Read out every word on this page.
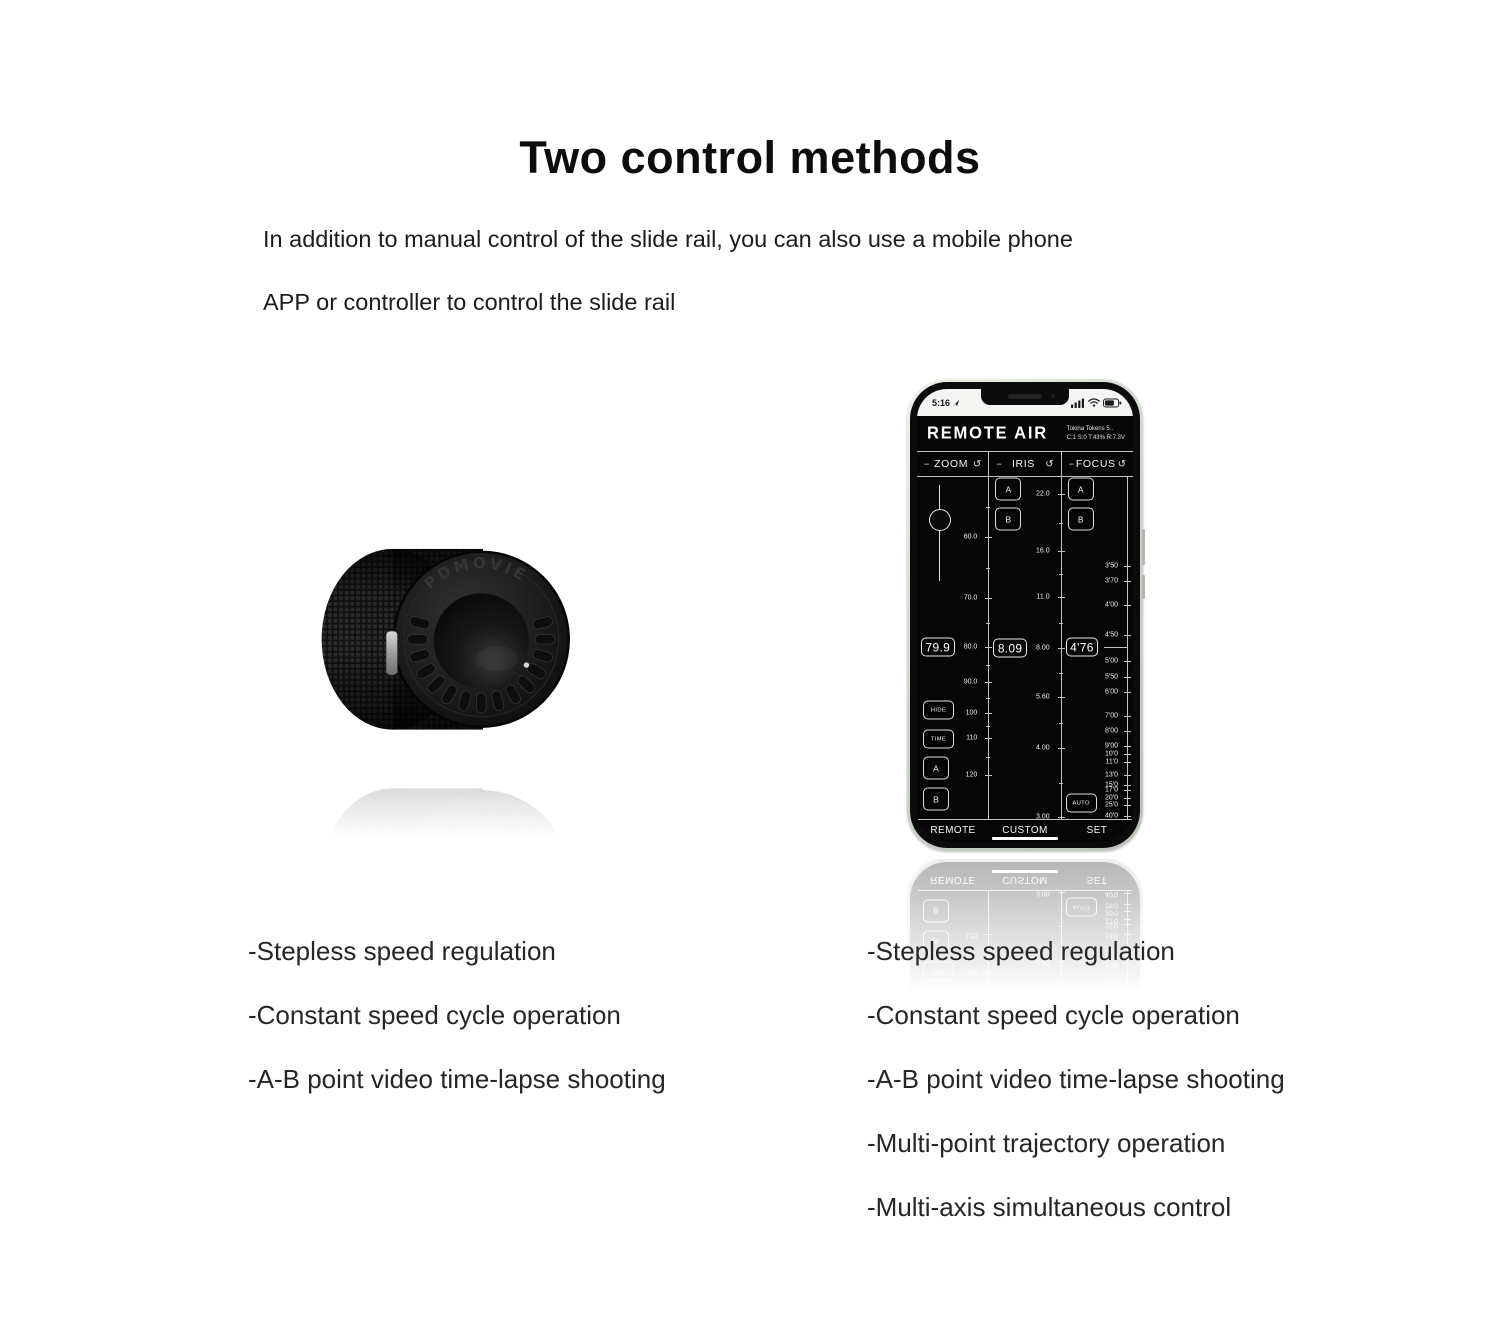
Two control methods
In addition to manual control of the slide rail, you can also use a mobile phone
APP or controller to control the slide rail
PDMOVIE
5:16
REMOTE AIR	Tokina Tokens 5..
C:1 S:0 T:43% R:7.3V
− ZOOM ↺ − IRIS ↺ − FOCUS ↺
60.0
70.0
80.0
90.0
100
110
120
79.9
HIDE
TIME
A
B
22.0
16.0
11.0
8.00
5.60
4.00
3.00
8.09
A
B
3'50
3'70
4'00
4'50
5'00
5'50
6'00
7'00
8'00
9'00
10'0
11'0
13'0
15'0
17'0
20'0
25'0
40'0
4'76
A
B
AUTO
REMOTE	CUSTOM	SET
-Stepless speed regulation
-Constant speed cycle operation
-A-B point video time-lapse shooting
-Stepless speed regulation
-Constant speed cycle operation
-A-B point video time-lapse shooting
-Multi-point trajectory operation
-Multi-axis simultaneous control
